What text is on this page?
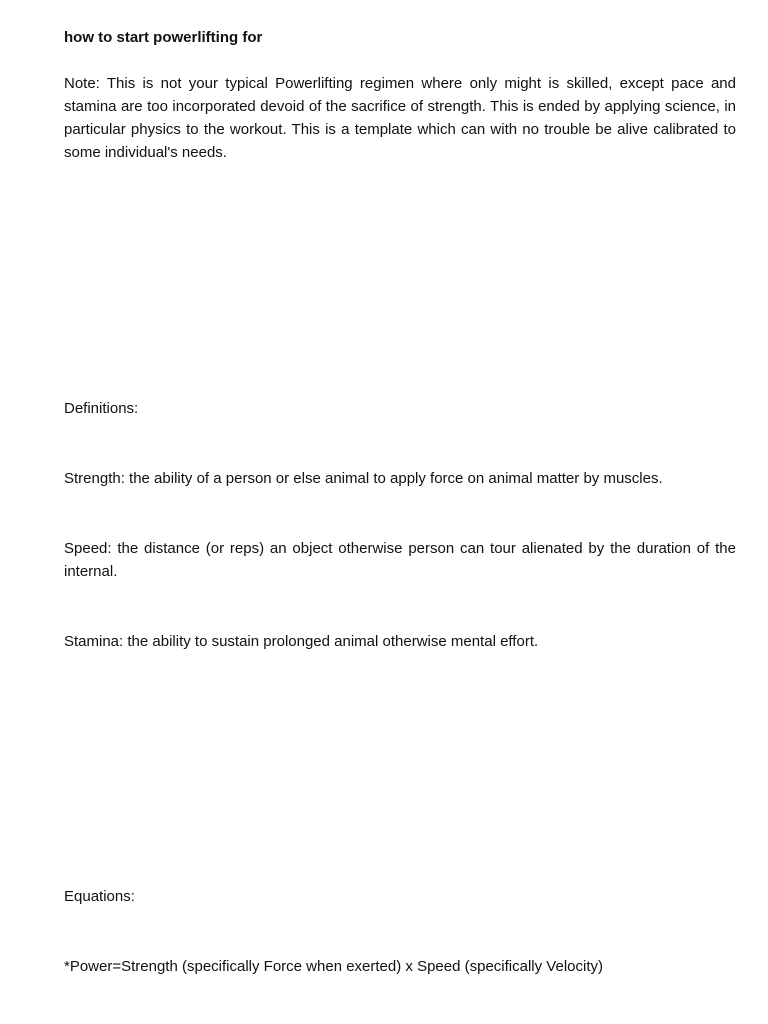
how to start powerlifting for

Note: This is not your typical Powerlifting regimen where only might is skilled, except pace and stamina are too incorporated devoid of the sacrifice of strength. This is ended by applying science, in particular physics to the workout. This is a template which can with no trouble be alive calibrated to some individual's needs.

Definitions:

Strength: the ability of a person or else animal to apply force on animal matter by muscles.

Speed: the distance (or reps) an object otherwise person can tour alienated by the duration of the internal.

Stamina: the ability to sustain prolonged animal otherwise mental effort.

Equations:

*Power=Strength (specifically Force when exerted) x Speed (specifically Velocity)
